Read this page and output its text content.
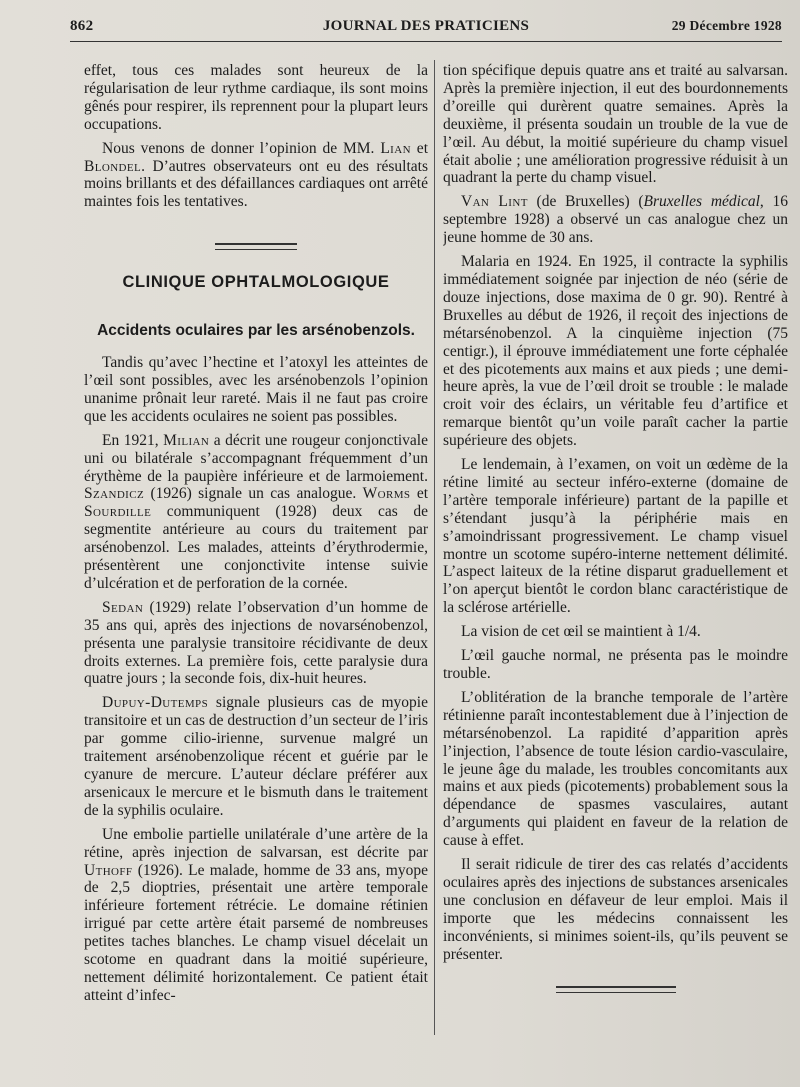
862	JOURNAL DES PRATICIENS	29 Décembre 1928

effet, tous ces malades sont heureux de la régularisation de leur rythme cardiaque, ils sont moins gênés pour respirer, ils reprennent pour la plupart leurs occupations.

Nous venons de donner l’opinion de MM. Lian et Blondel. D’autres observateurs ont eu des résultats moins brillants et des défaillances cardiaques ont arrêté maintes fois les tentatives.

CLINIQUE OPHTALMOLOGIQUE
Accidents oculaires par les arsénobenzols.

Tandis qu’avec l’hectine et l’atoxyl les atteintes de l’œil sont possibles, avec les arsénobenzols l’opinion unanime prônait leur rareté. Mais il ne faut pas croire que les accidents oculaires ne soient pas possibles.

En 1921, Milian a décrit une rougeur conjonctivale uni ou bilatérale s’accompagnant fréquemment d’un érythème de la paupière inférieure et de larmoiement. Szandicz (1926) signale un cas analogue. Worms et Sourdille communiquent (1928) deux cas de segmentite antérieure au cours du traitement par arsénobenzol. Les malades, atteints d’érythrodermie, présentèrent une conjonctivite intense suivie d’ulcération et de perforation de la cornée.

Sedan (1929) relate l’observation d’un homme de 35 ans qui, après des injections de novarsénobenzol, présenta une paralysie transitoire récidivante de deux droits externes. La première fois, cette paralysie dura quatre jours ; la seconde fois, dix-huit heures.

Dupuy-Dutemps signale plusieurs cas de myopie transitoire et un cas de destruction d’un secteur de l’iris par gomme cilio-irienne, survenue malgré un traitement arsénobenzolique récent et guérie par le cyanure de mercure. L’auteur déclare préférer aux arsenicaux le mercure et le bismuth dans le traitement de la syphilis oculaire.

Une embolie partielle unilatérale d’une artère de la rétine, après injection de salvarsan, est décrite par Uthoff (1926). Le malade, homme de 33 ans, myope de 2,5 dioptries, présentait une artère temporale inférieure fortement rétrécie. Le domaine rétinien irrigué par cette artère était parsemé de nombreuses petites taches blanches. Le champ visuel décelait un scotome en quadrant dans la moitié supérieure, nettement délimité horizontalement. Ce patient était atteint d’infec-

tion spécifique depuis quatre ans et traité au salvarsan. Après la première injection, il eut des bourdonnements d’oreille qui durèrent quatre semaines. Après la deuxième, il présenta soudain un trouble de la vue de l’œil. Au début, la moitié supérieure du champ visuel était abolie ; une amélioration progressive réduisit à un quadrant la perte du champ visuel.

Van Lint (de Bruxelles) (Bruxelles médical, 16 septembre 1928) a observé un cas analogue chez un jeune homme de 30 ans.

Malaria en 1924. En 1925, il contracte la syphilis immédiatement soignée par injection de néo (série de douze injections, dose maxima de 0 gr. 90). Rentré à Bruxelles au début de 1926, il reçoit des injections de métarsénobenzol. A la cinquième injection (75 centigr.), il éprouve immédiatement une forte céphalée et des picotements aux mains et aux pieds ; une demi-heure après, la vue de l’œil droit se trouble : le malade croit voir des éclairs, un véritable feu d’artifice et remarque bientôt qu’un voile paraît cacher la partie supérieure des objets.

Le lendemain, à l’examen, on voit un œdème de la rétine limité au secteur inféro-externe (domaine de l’artère temporale inférieure) partant de la papille et s’étendant jusqu’à la périphérie mais en s’amoindrissant progressivement. Le champ visuel montre un scotome supéro-interne nettement délimité. L’aspect laiteux de la rétine disparut graduellement et l’on aperçut bientôt le cordon blanc caractéristique de la sclérose artérielle.

La vision de cet œil se maintient à 1/4.

L’œil gauche normal, ne présenta pas le moindre trouble.

L’oblitération de la branche temporale de l’artère rétinienne paraît incontestablement due à l’injection de métarsénobenzol. La rapidité d’apparition après l’injection, l’absence de toute lésion cardio-vasculaire, le jeune âge du malade, les troubles concomitants aux mains et aux pieds (picotements) probablement sous la dépendance de spasmes vasculaires, autant d’arguments qui plaident en faveur de la relation de cause à effet.

Il serait ridicule de tirer des cas relatés d’accidents oculaires après des injections de substances arsenicales une conclusion en défaveur de leur emploi. Mais il importe que les médecins connaissent les inconvénients, si minimes soient-ils, qu’ils peuvent se présenter.
